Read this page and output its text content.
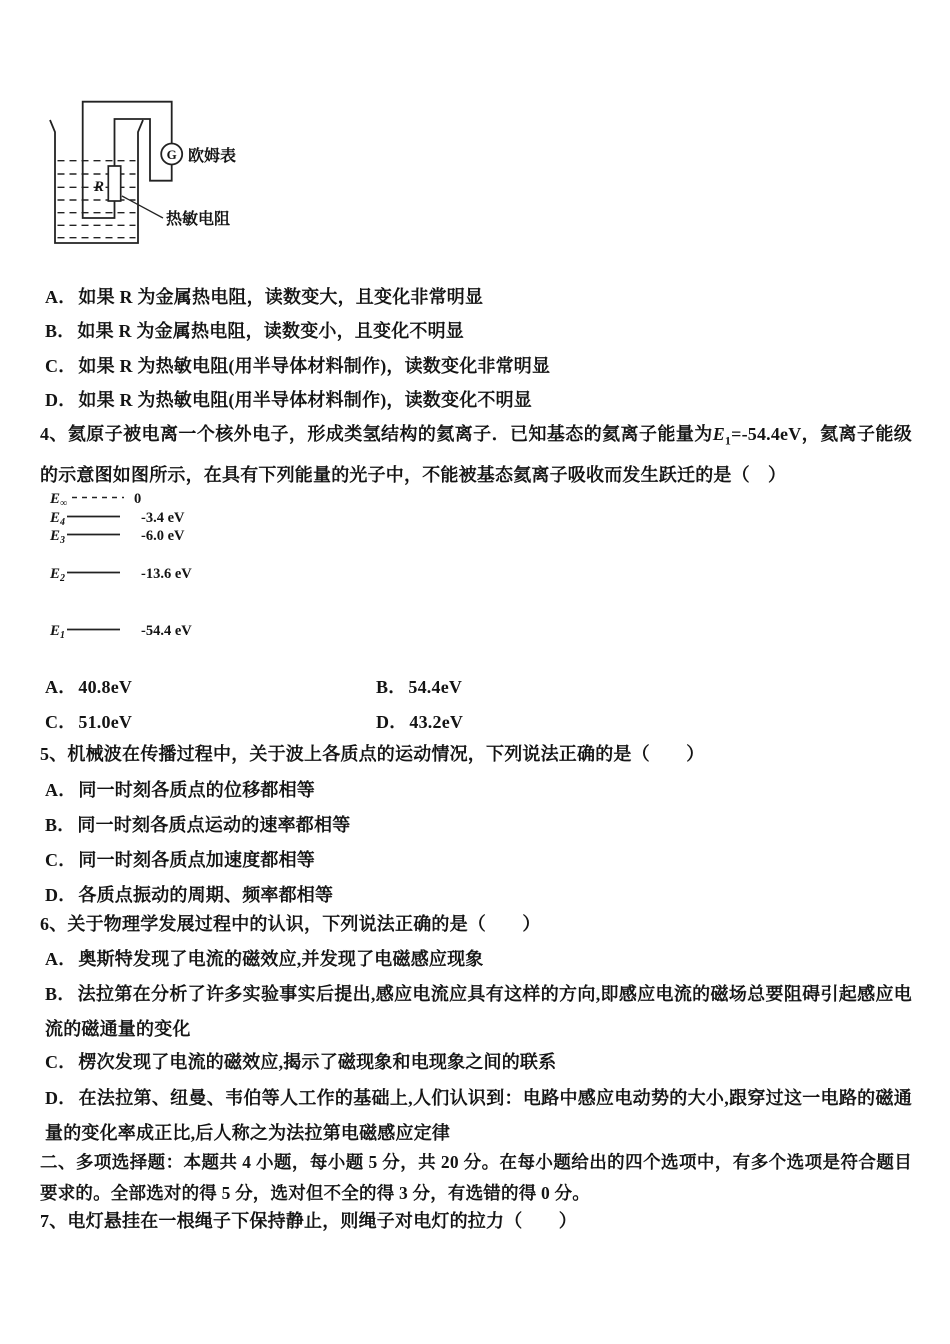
R
G 欧姆表
热敏电阻
A． 如果 R 为金属热电阻，读数变大，且变化非常明显
B． 如果 R 为金属热电阻，读数变小，且变化不明显
C． 如果 R 为热敏电阻(用半导体材料制作)，读数变化非常明显
D． 如果 R 为热敏电阻(用半导体材料制作)，读数变化不明显
4、氦原子被电离一个核外电子，形成类氢结构的氦离子．已知基态的氦离子能量为$E_1=-54.4eV$，氦离子能级的示意图如图所示，在具有下列能量的光子中，不能被基态氦离子吸收而发生跃迁的是（　）
$E_\infty$	0
$E_4$	-3.4 eV
$E_3$	-6.0 eV
$E_2$	-13.6 eV
$E_1$	-54.4 eV
A． 40.8eV	B． 54.4eV
C． 51.0eV	D． 43.2eV
5、机械波在传播过程中，关于波上各质点的运动情况，下列说法正确的是（　　）
A． 同一时刻各质点的位移都相等
B． 同一时刻各质点运动的速率都相等
C． 同一时刻各质点加速度都相等
D． 各质点振动的周期、频率都相等
6、关于物理学发展过程中的认识，下列说法正确的是（　　）
A． 奥斯特发现了电流的磁效应,并发现了电磁感应现象
B． 法拉第在分析了许多实验事实后提出,感应电流应具有这样的方向,即感应电流的磁场总要阻碍引起感应电流的磁通量的变化
C． 楞次发现了电流的磁效应,揭示了磁现象和电现象之间的联系
D． 在法拉第、纽曼、韦伯等人工作的基础上,人们认识到：电路中感应电动势的大小,跟穿过这一电路的磁通量的变化率成正比,后人称之为法拉第电磁感应定律
二、多项选择题：本题共 4 小题，每小题 5 分，共 20 分。在每小题给出的四个选项中，有多个选项是符合题目要求的。全部选对的得 5 分，选对但不全的得 3 分，有选错的得 0 分。
7、电灯悬挂在一根绳子下保持静止，则绳子对电灯的拉力（　　）
